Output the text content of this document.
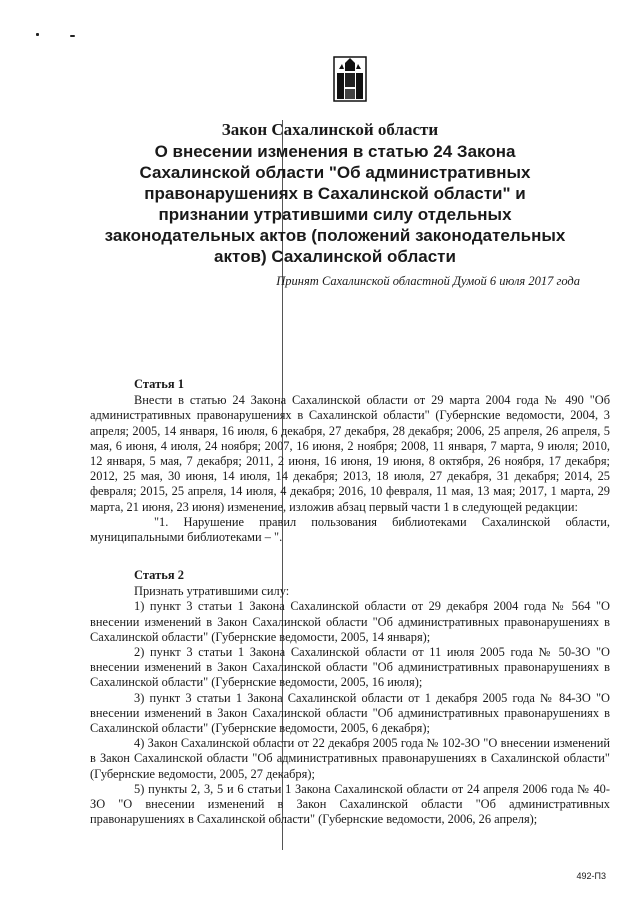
Закон Сахалинской области
О внесении изменения в статью 24 Закона Сахалинской области "Об административных правонарушениях в Сахалинской области" и признании утратившими силу отдельных законодательных актов (положений законодательных актов) Сахалинской области
Принят Сахалинской областной Думой 6 июля 2017 года

Статья 1

Внести в статью 24 Закона Сахалинской области от 29 марта 2004 года № 490 "Об административных правонарушениях в Сахалинской области" (Губернские ведомости, 2004, 3 апреля; 2005, 14 января, 16 июля, 6 декабря, 27 декабря, 28 декабря; 2006, 25 апреля, 26 апреля, 5 мая, 6 июня, 4 июля, 24 ноября; 2007, 16 июня, 2 ноября; 2008, 11 января, 7 марта, 9 июля; 2010, 12 января, 5 мая, 7 декабря; 2011, 2 июня, 16 июня, 19 июня, 8 октября, 26 ноября, 17 декабря; 2012, 25 мая, 30 июня, 14 июля, 14 декабря; 2013, 18 июля, 27 декабря, 31 декабря; 2014, 25 февраля; 2015, 25 апреля, 14 июля, 4 декабря; 2016, 10 февраля, 11 мая, 13 мая; 2017, 1 марта, 29 марта, 21 июня, 23 июня) изменение, изложив абзац первый части 1 в следующей редакции:

"1. Нарушение правил пользования библиотеками Сахалинской области, муниципальными библиотеками – ".

Статья 2

Признать утратившими силу:

1) пункт 3 статьи 1 Закона Сахалинской области от 29 декабря 2004 года № 564 "О внесении изменений в Закон Сахалинской области "Об административных правонарушениях в Сахалинской области" (Губернские ведомости, 2005, 14 января);

2) пункт 3 статьи 1 Закона Сахалинской области от 11 июля 2005 года № 50-ЗО "О внесении изменений в Закон Сахалинской области "Об административных правонарушениях в Сахалинской области" (Губернские ведомости, 2005, 16 июля);

3) пункт 3 статьи 1 Закона Сахалинской области от 1 декабря 2005 года № 84-ЗО "О внесении изменений в Закон Сахалинской области "Об административных правонарушениях в Сахалинской области" (Губернские ведомости, 2005, 6 декабря);

4) Закон Сахалинской области от 22 декабря 2005 года № 102-ЗО "О внесении изменений в Закон Сахалинской области "Об административных правонарушениях в Сахалинской области" (Губернские ведомости, 2005, 27 декабря);

5) пункты 2, 3, 5 и 6 статьи 1 Закона Сахалинской области от 24 апреля 2006 года № 40-ЗО "О внесении изменений в Закон Сахалинской области "Об административных правонарушениях в Сахалинской области" (Губернские ведомости, 2006, 26 апреля);

492-П3
